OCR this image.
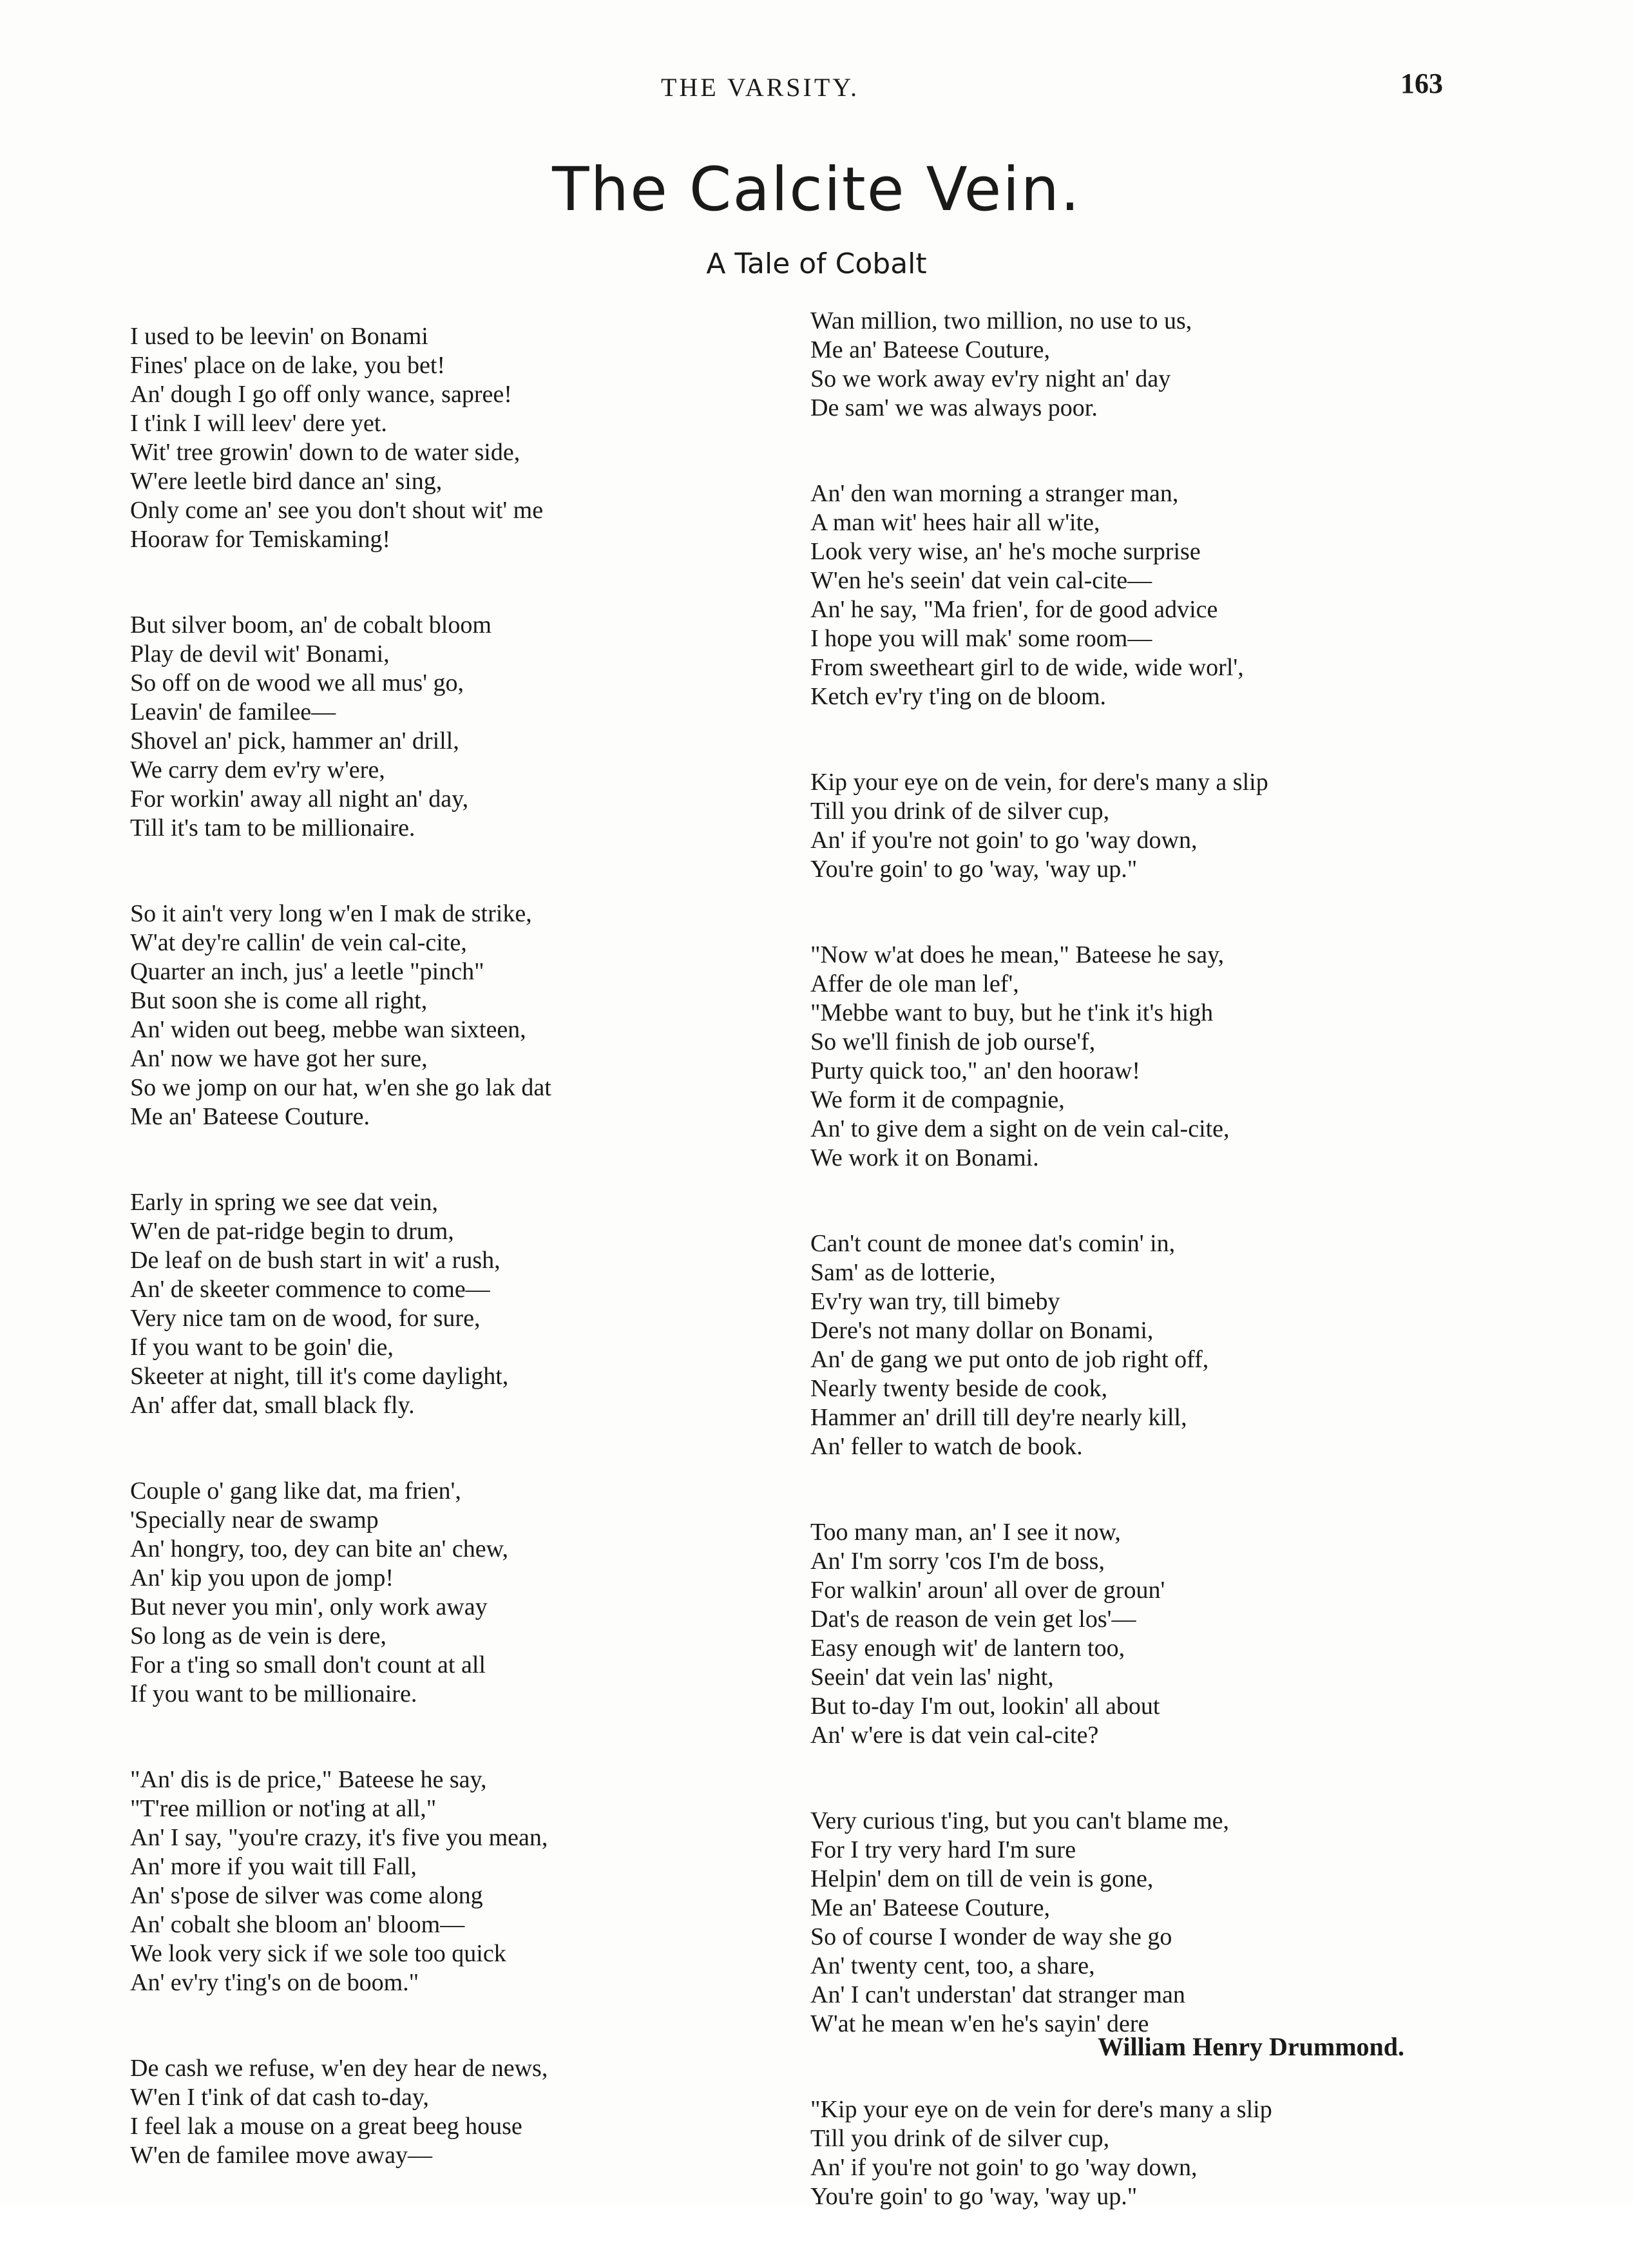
THE VARSITY.	163
The Calcite Vein.
A Tale of Cobalt
I used to be leevin' on Bonami
Fines' place on de lake, you bet!
An' dough I go off only wance, sapree!
I t'ink I will leev' dere yet.
Wit' tree growin' down to de water side,
W'ere leetle bird dance an' sing,
Only come an' see you don't shout wit' me
Hooraw for Temiskaming!
But silver boom, an' de cobalt bloom
Play de devil wit' Bonami,
So off on de wood we all mus' go,
Leavin' de familee—
Shovel an' pick, hammer an' drill,
We carry dem ev'ry w'ere,
For workin' away all night an' day,
Till it's tam to be millionaire.
So it ain't very long w'en I mak de strike,
W'at dey're callin' de vein cal-cite,
Quarter an inch, jus' a leetle "pinch"
But soon she is come all right,
An' widen out beeg, mebbe wan sixteen,
An' now we have got her sure,
So we jomp on our hat, w'en she go lak dat
Me an' Bateese Couture.
Early in spring we see dat vein,
W'en de pat-ridge begin to drum,
De leaf on de bush start in wit' a rush,
An' de skeeter commence to come—
Very nice tam on de wood, for sure,
If you want to be goin' die,
Skeeter at night, till it's come daylight,
An' affer dat, small black fly.
Couple o' gang like dat, ma frien',
'Specially near de swamp
An' hongry, too, dey can bite an' chew,
An' kip you upon de jomp!
But never you min', only work away
So long as de vein is dere,
For a t'ing so small don't count at all
If you want to be millionaire.
"An' dis is de price," Bateese he say,
"T'ree million or not'ing at all,"
An' I say, "you're crazy, it's five you mean,
An' more if you wait till Fall,
An' s'pose de silver was come along
An' cobalt she bloom an' bloom—
We look very sick if we sole too quick
An' ev'ry t'ing's on de boom."
De cash we refuse, w'en dey hear de news,
W'en I t'ink of dat cash to-day,
I feel lak a mouse on a great beeg house
W'en de familee move away—
Wan million, two million, no use to us,
Me an' Bateese Couture,
So we work away ev'ry night an' day
De sam' we was always poor.
An' den wan morning a stranger man,
A man wit' hees hair all w'ite,
Look very wise, an' he's moche surprise
W'en he's seein' dat vein cal-cite—
An' he say, "Ma frien', for de good advice
I hope you will mak' some room—
From sweetheart girl to de wide, wide worl',
Ketch ev'ry t'ing on de bloom.
Kip your eye on de vein, for dere's many a slip
Till you drink of de silver cup,
An' if you're not goin' to go 'way down,
You're goin' to go 'way, 'way up."
"Now w'at does he mean," Bateese he say,
Affer de ole man lef',
"Mebbe want to buy, but he t'ink it's high
So we'll finish de job ourse'f,
Purty quick too," an' den hooraw!
We form it de compagnie,
An' to give dem a sight on de vein cal-cite,
We work it on Bonami.
Can't count de monee dat's comin' in,
Sam' as de lotterie,
Ev'ry wan try, till bimeby
Dere's not many dollar on Bonami,
An' de gang we put onto de job right off,
Nearly twenty beside de cook,
Hammer an' drill till dey're nearly kill,
An' feller to watch de book.
Too many man, an' I see it now,
An' I'm sorry 'cos I'm de boss,
For walkin' aroun' all over de groun'
Dat's de reason de vein get los'—
Easy enough wit' de lantern too,
Seein' dat vein las' night,
But to-day I'm out, lookin' all about
An' w'ere is dat vein cal-cite?
Very curious t'ing, but you can't blame me,
For I try very hard I'm sure
Helpin' dem on till de vein is gone,
Me an' Bateese Couture,
So of course I wonder de way she go
An' twenty cent, too, a share,
An' I can't understan' dat stranger man
W'at he mean w'en he's sayin' dere
"Kip your eye on de vein for dere's many a slip
Till you drink of de silver cup,
An' if you're not goin' to go 'way down,
You're goin' to go 'way, 'way up."
William Henry Drummond.
